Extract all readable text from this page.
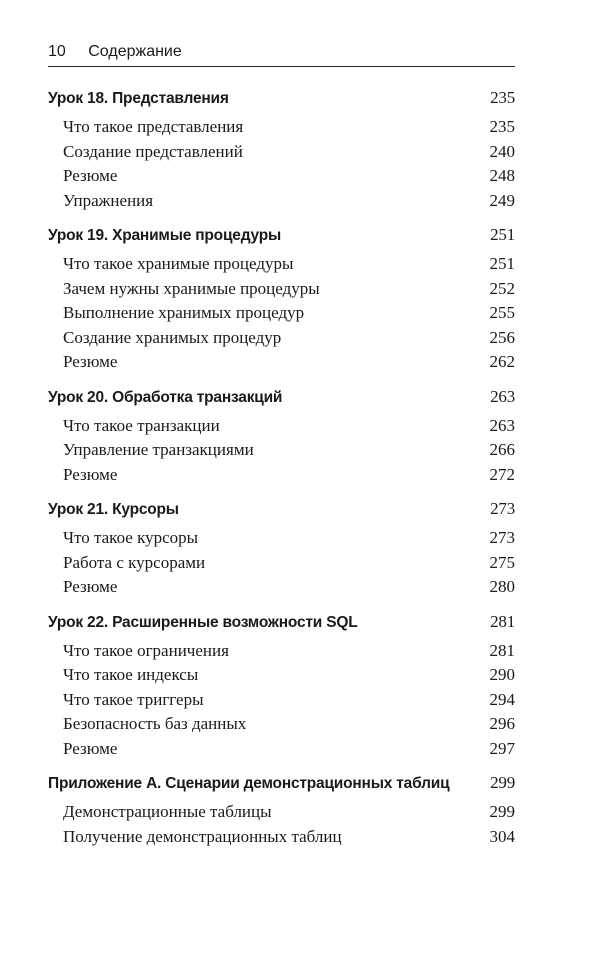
10 Содержание
Урок 18. Представления	235
Что такое представления	235
Создание представлений	240
Резюме	248
Упражнения	249
Урок 19. Хранимые процедуры	251
Что такое хранимые процедуры	251
Зачем нужны хранимые процедуры	252
Выполнение хранимых процедур	255
Создание хранимых процедур	256
Резюме	262
Урок 20. Обработка транзакций	263
Что такое транзакции	263
Управление транзакциями	266
Резюме	272
Урок 21. Курсоры	273
Что такое курсоры	273
Работа с курсорами	275
Резюме	280
Урок 22. Расширенные возможности SQL	281
Что такое ограничения	281
Что такое индексы	290
Что такое триггеры	294
Безопасность баз данных	296
Резюме	297
Приложение А. Сценарии демонстрационных таблиц 299
Демонстрационные таблицы	299
Получение демонстрационных таблиц	304
